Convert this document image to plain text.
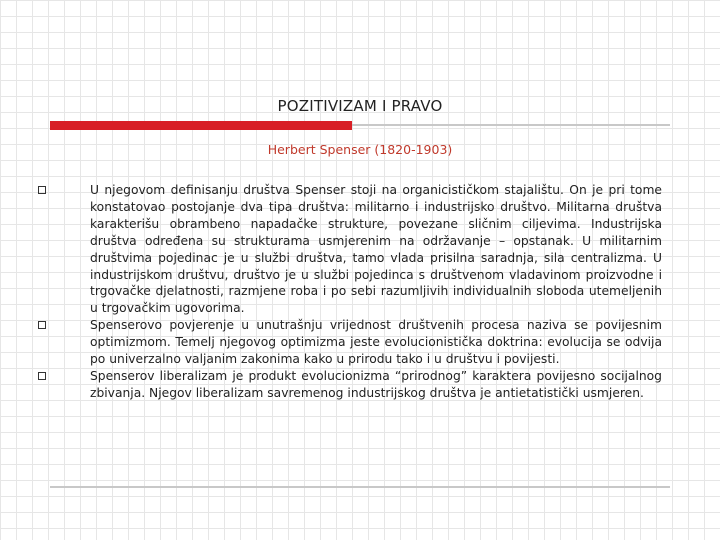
POZITIVIZAM I PRAVO
Herbert Spenser (1820-1903)
U njegovom definisanju društva Spenser stoji na organicističkom stajalištu. On je pri tome konstatovao postojanje dva tipa društva: militarno i industrijsko društvo. Militarna društva karakterišu obrambeno napadačke strukture, povezane sličnim ciljevima. Industrijska društva određena su strukturama usmjerenim na održavanje – opstanak. U militarnim društvima pojedinac je u službi društva, tamo vlada prisilna saradnja, sila centralizma. U industrijskom društvu, društvo je u službi pojedinca s društvenom vladavinom proizvodne i trgovačke djelatnosti, razmjene roba i po sebi razumljivih individualnih sloboda utemeljenih u trgovačkim ugovorima.
Spenserovo povjerenje u unutrašnju vrijednost društvenih procesa naziva se povijesnim optimizmom. Temelj njegovog optimizma jeste evolucionistička doktrina: evolucija se odvija po univerzalno valjanim zakonima kako u prirodu tako i u društvu i povijesti.
Spenserov liberalizam je produkt evolucionizma “prirodnog” karaktera povijesno socijalnog zbivanja. Njegov liberalizam savremenog industrijskog društva je antietatistički usmjeren.
